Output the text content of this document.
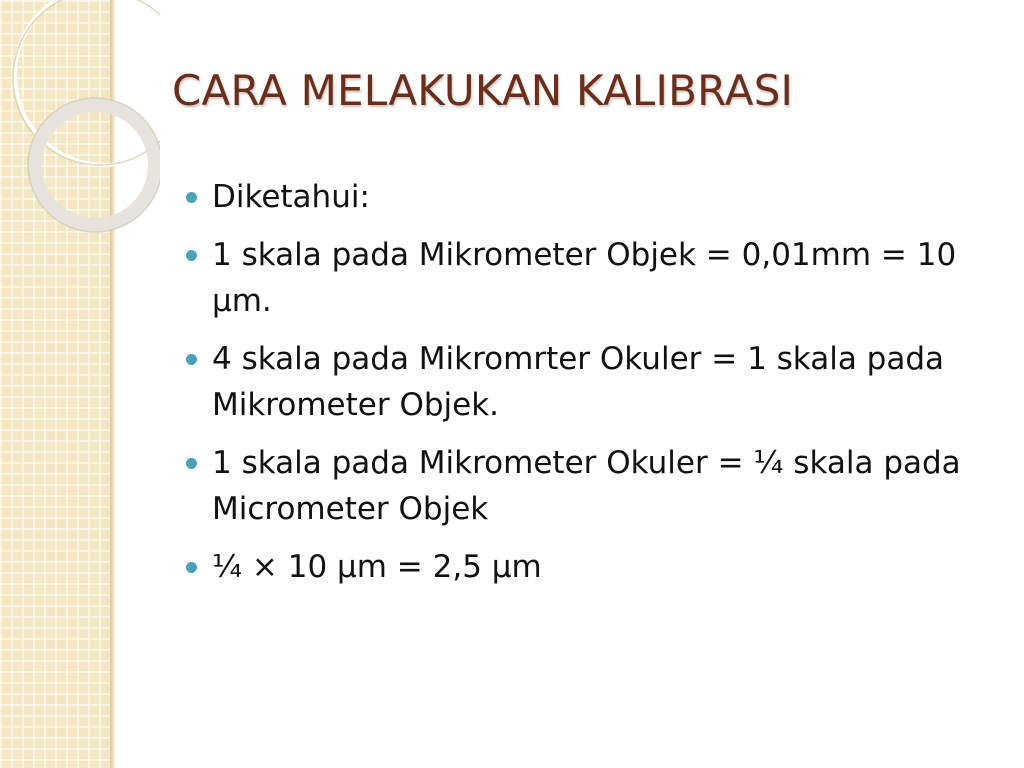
CARA MELAKUKAN KALIBRASI
Diketahui:
1 skala pada Mikrometer Objek = 0,01mm = 10 µm.
4 skala pada Mikromrter Okuler = 1 skala pada Mikrometer Objek.
1 skala pada Mikrometer Okuler = ¼ skala pada Micrometer Objek
¼ × 10 µm = 2,5 µm
